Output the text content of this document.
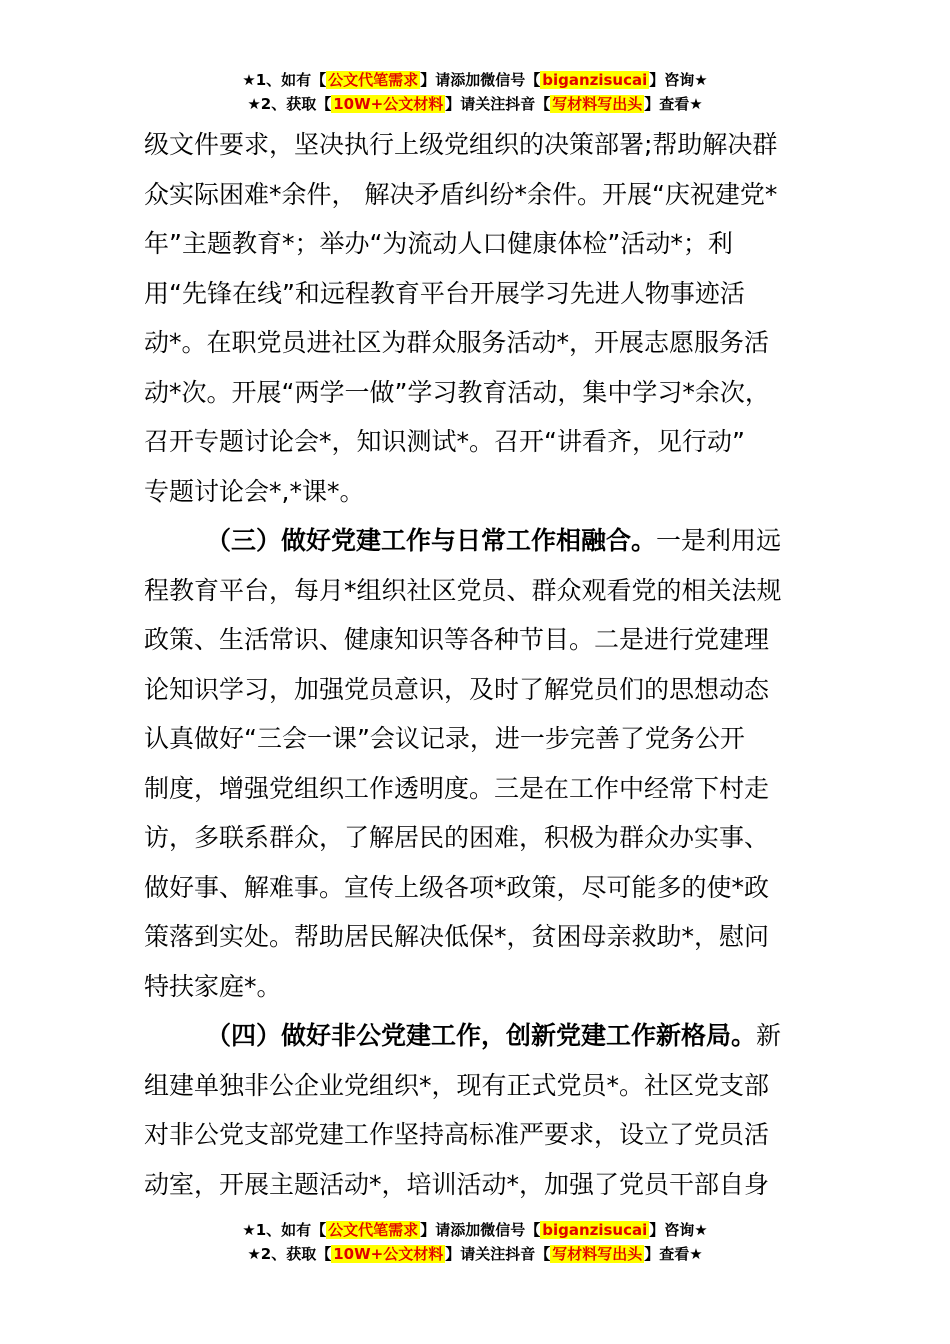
★1、如有【 公文代笔需求 】请添加微信号【 biganzisucai 】咨询★
★2、获取【 10W+公文材料 】请关注抖音【 写材料写出头 】查看★

级文件要求，坚决执行上级党组织的决策部署;帮助解决群
众实际困难*余件， 解决矛盾纠纷*余件。开展“庆祝建党*
年”主题教育*；举办“为流动人口健康体检”活动*；利
用“先锋在线”和远程教育平台开展学习先进人物事迹活
动*。在职党员进社区为群众服务活动*，开展志愿服务活
动*次。开展“两学一做”学习教育活动，集中学习*余次，
召开专题讨论会*，知识测试*。召开“讲看齐，见行动”
专题讨论会*,*课*。

（三）做好党建工作与日常工作相融合。一是利用远
程教育平台，每月*组织社区党员、群众观看党的相关法规
政策、生活常识、健康知识等各种节目。二是进行党建理
论知识学习，加强党员意识，及时了解党员们的思想动态
认真做好“三会一课”会议记录，进一步完善了党务公开
制度，增强党组织工作透明度。三是在工作中经常下村走
访，多联系群众，了解居民的困难，积极为群众办实事、
做好事、解难事。宣传上级各项*政策，尽可能多的使*政
策落到实处。帮助居民解决低保*，贫困母亲救助*，慰问
特扶家庭*。

（四）做好非公党建工作，创新党建工作新格局。新
组建单独非公企业党组织*，现有正式党员*。社区党支部
对非公党支部党建工作坚持高标准严要求，设立了党员活
动室，开展主题活动*，培训活动*，加强了党员干部自身

★1、如有【 公文代笔需求 】请添加微信号【 biganzisucai 】咨询★
★2、获取【 10W+公文材料 】请关注抖音【 写材料写出头 】查看★
